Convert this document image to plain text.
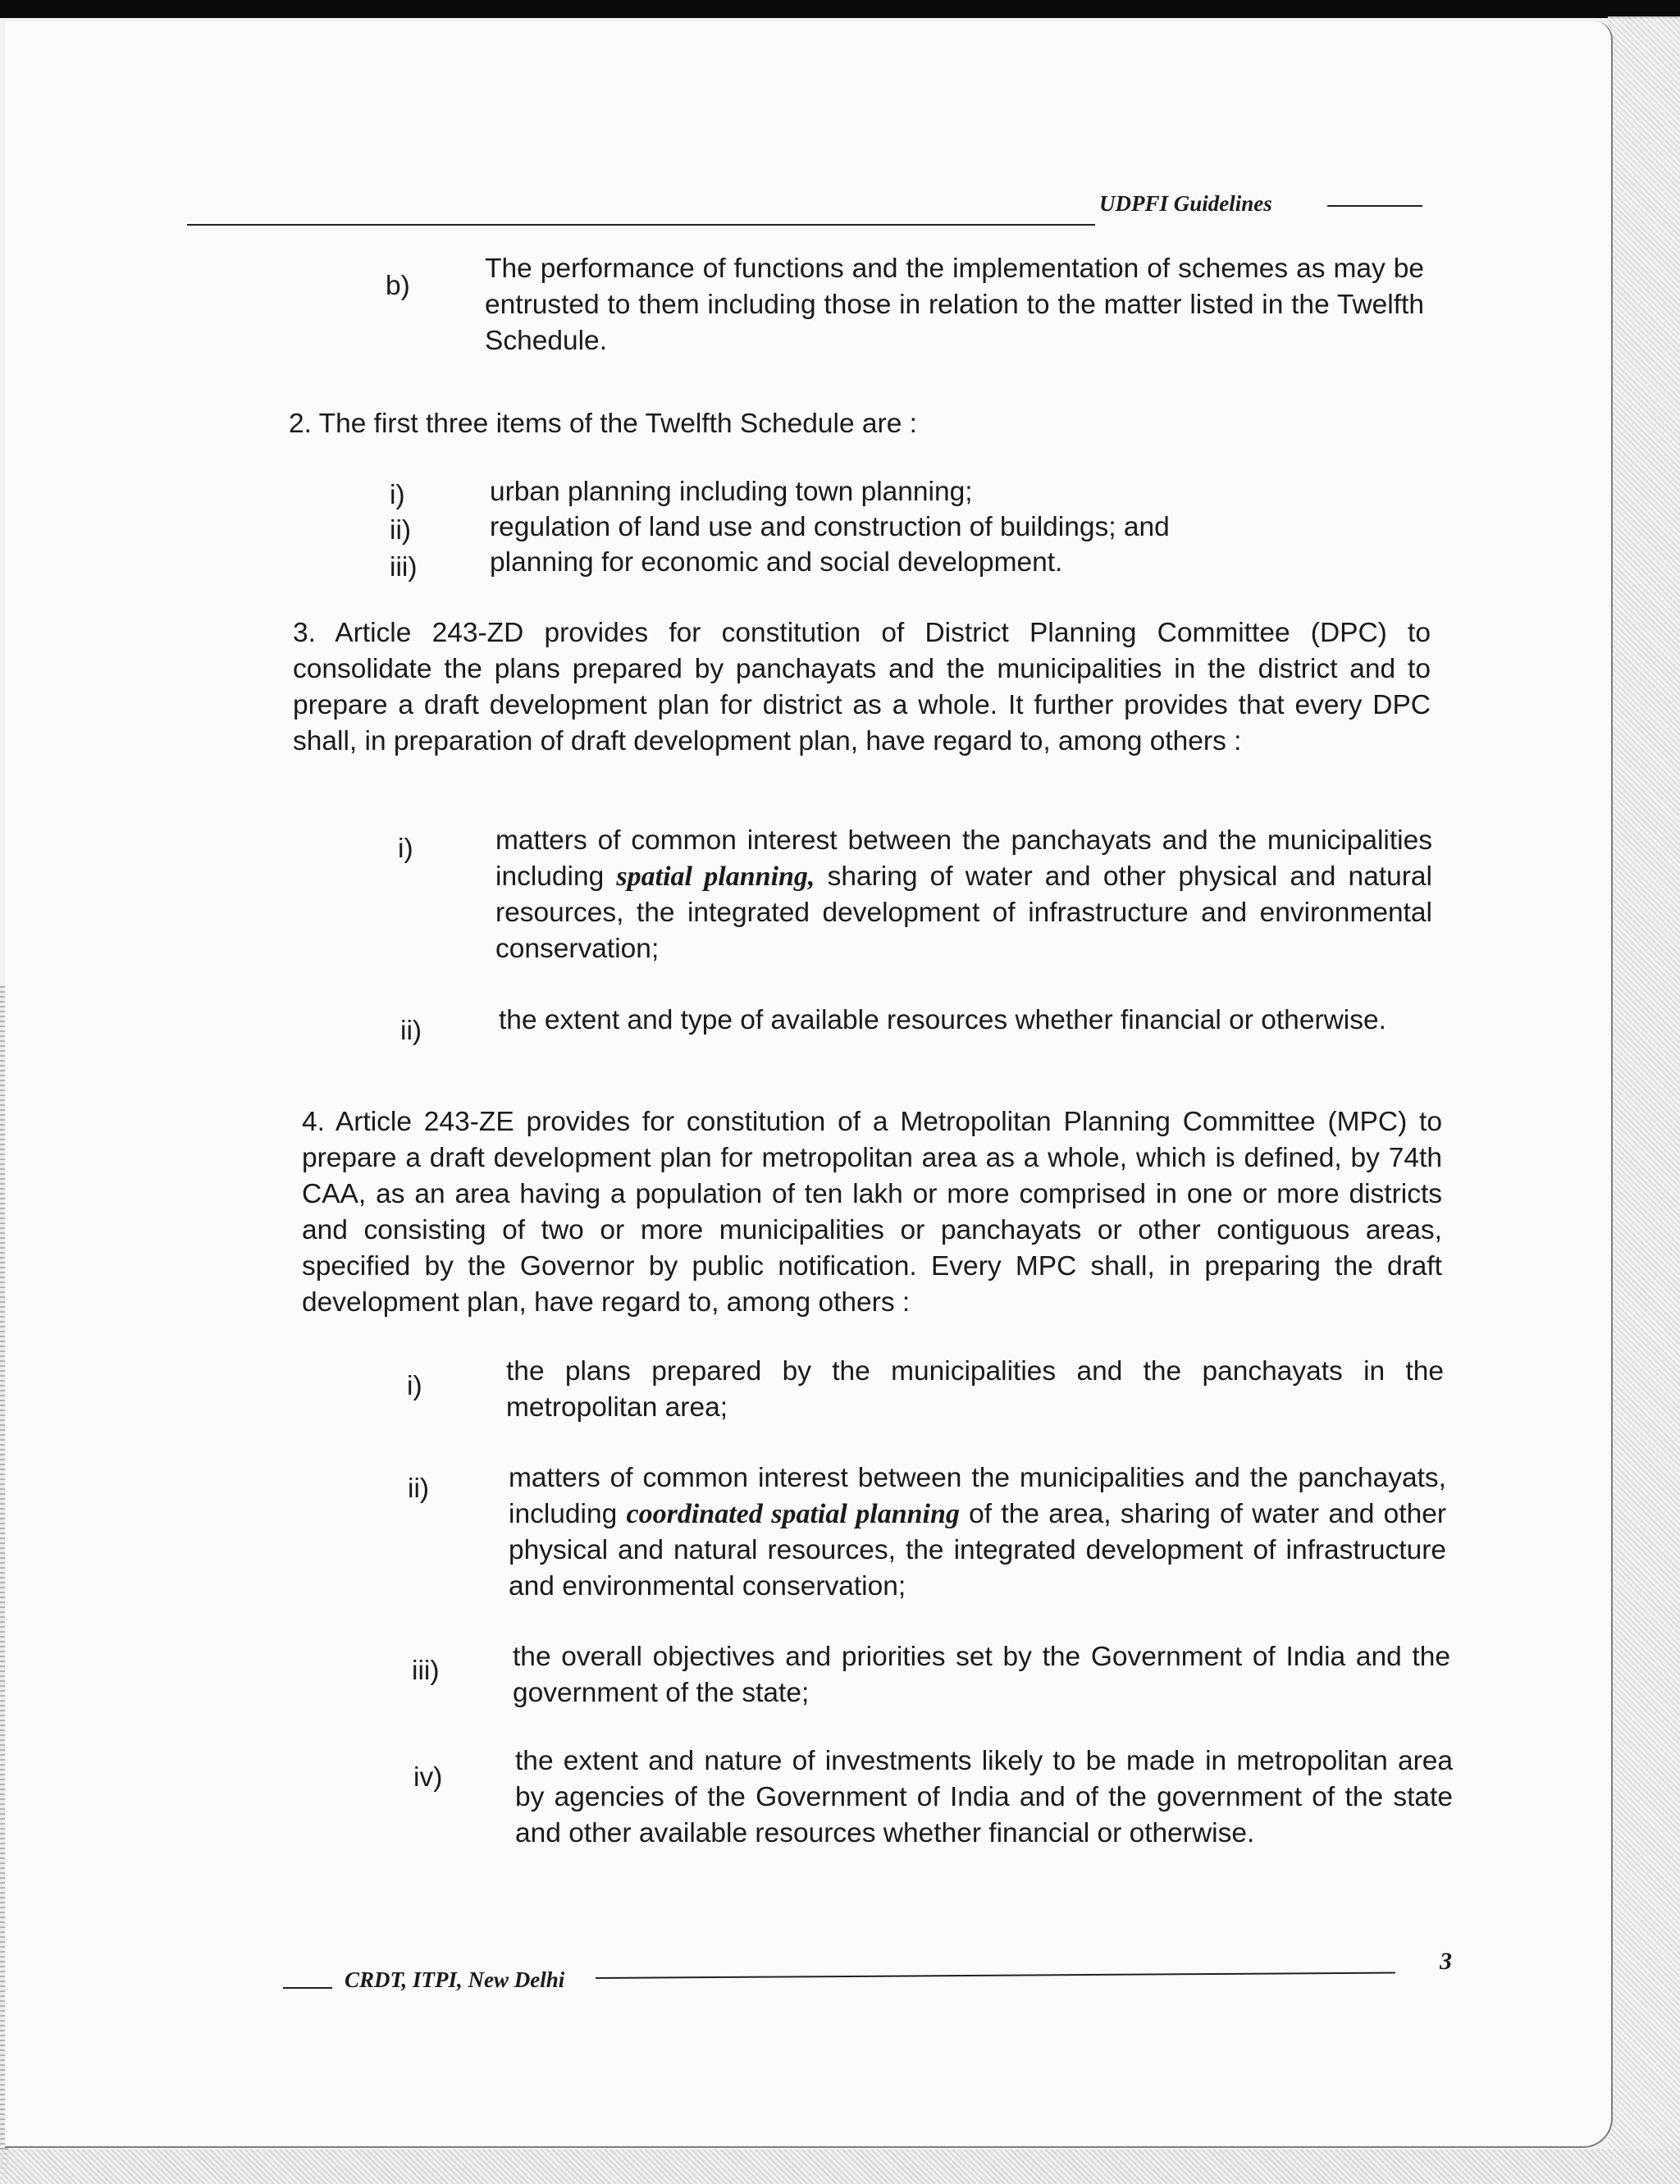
UDPFI Guidelines
b)

The performance of functions and the implementation of schemes as may be entrusted to them including those in relation to the matter listed in the Twelfth Schedule.

2. The first three items of the Twelfth Schedule are :

i)	urban planning including town planning;
ii)	regulation of land use and construction of buildings; and
iii)	planning for economic and social development.

3. Article 243-ZD provides for constitution of District Planning Committee (DPC) to consolidate the plans prepared by panchayats and the municipalities in the district and to prepare a draft development plan for district as a whole. It further provides that every DPC shall, in preparation of draft development plan, have regard to, among others :

i)	matters of common interest between the panchayats and the municipalities including spatial planning, sharing of water and other physical and natural resources, the integrated development of infrastructure and environmental conservation;

ii)	the extent and type of available resources whether financial or otherwise.

4. Article 243-ZE provides for constitution of a Metropolitan Planning Committee (MPC) to prepare a draft development plan for metropolitan area as a whole, which is defined, by 74th CAA, as an area having a population of ten lakh or more comprised in one or more districts and consisting of two or more municipalities or panchayats or other contiguous areas, specified by the Governor by public notification. Every MPC shall, in preparing the draft development plan, have regard to, among others :

i)	the plans prepared by the municipalities and the panchayats in the metropolitan area;

ii)	matters of common interest between the municipalities and the panchayats, including coordinated spatial planning of the area, sharing of water and other physical and natural resources, the integrated development of infrastructure and environmental conservation;

iii)	the overall objectives and priorities set by the Government of India and the government of the state;

iv)

the extent and nature of investments likely to be made in metropolitan area by agencies of the Government of India and of the government of the state and other available resources whether financial or otherwise.

CRDT, ITPI, New Delhi
3
